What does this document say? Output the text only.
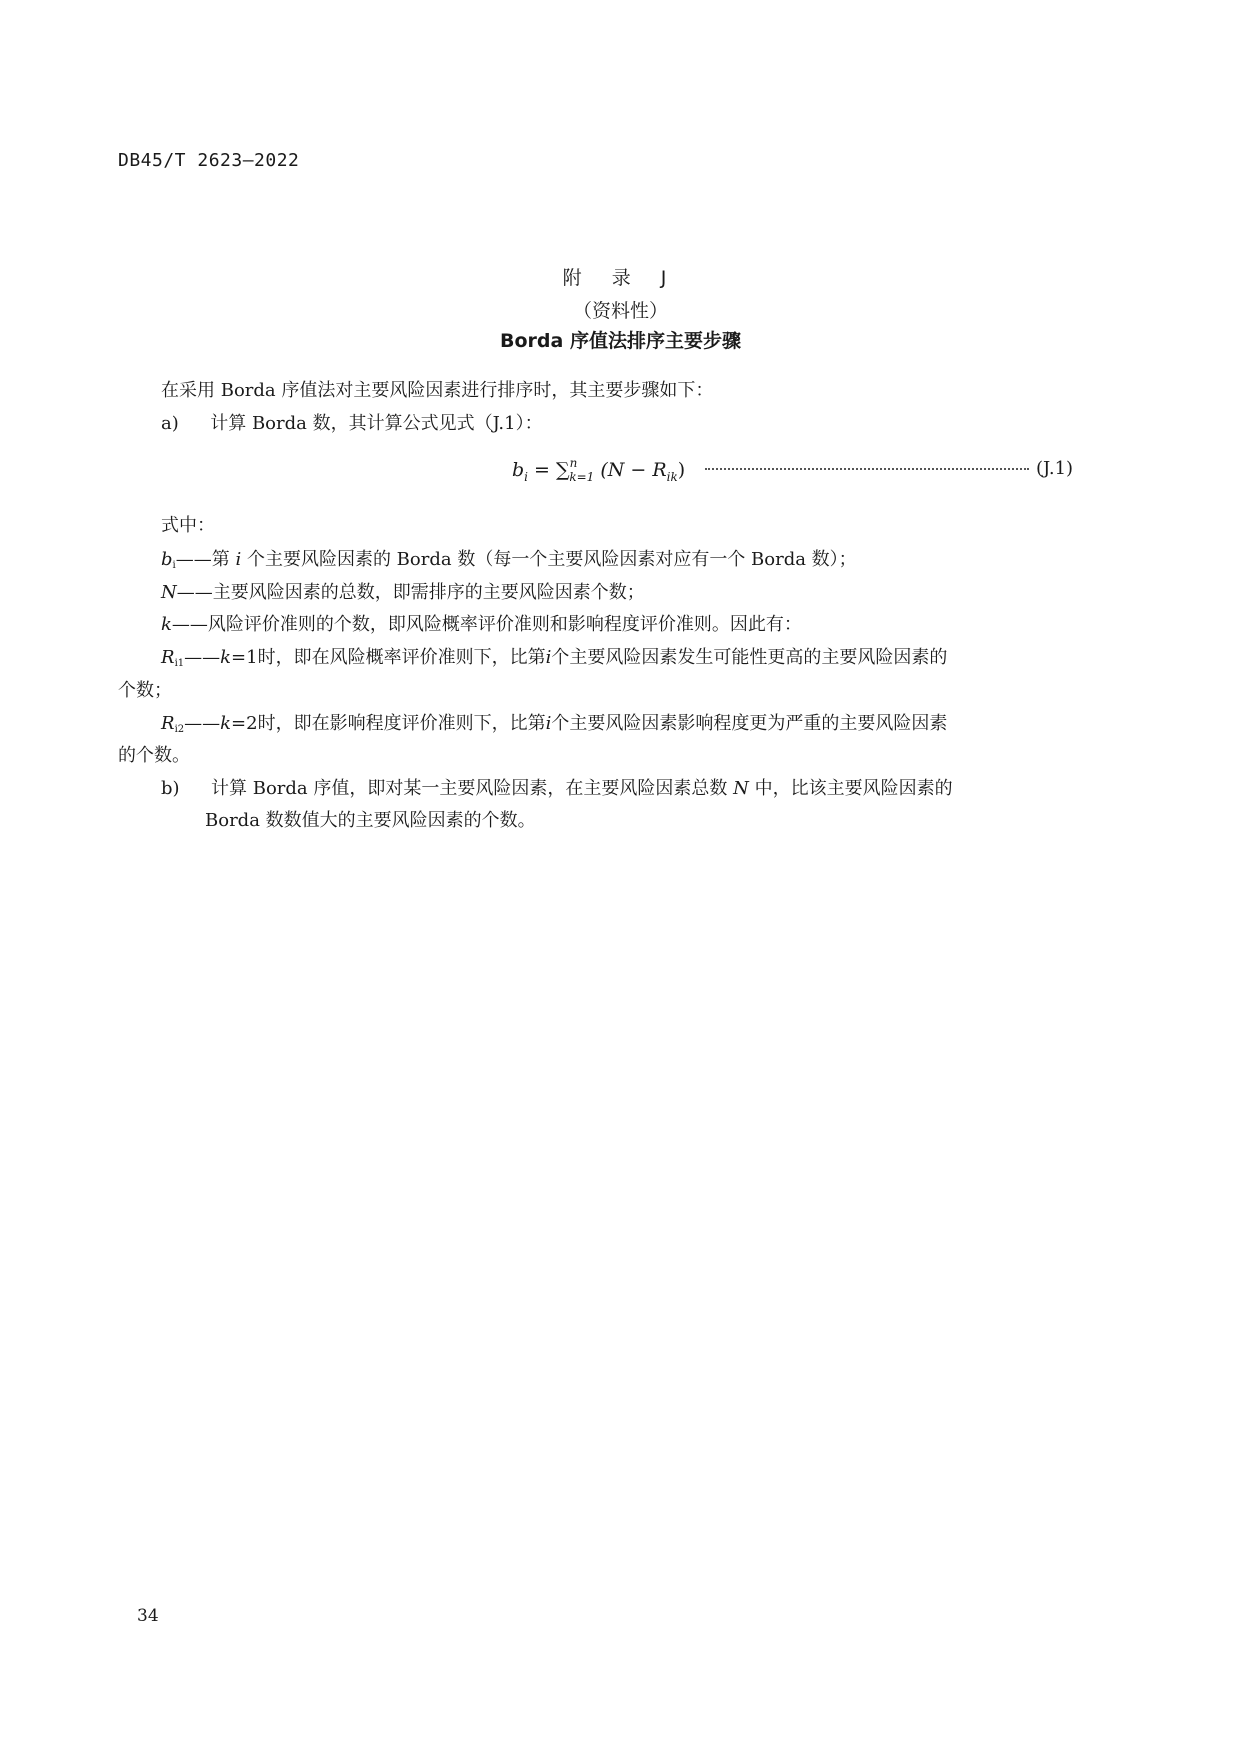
DB45/T 2623—2022
附 录 J
（资料性）
Borda 序值法排序主要步骤
在采用 Borda 序值法对主要风险因素进行排序时，其主要步骤如下：
a) 计算 Borda 数，其计算公式见式（J.1）：
$b_i = \sum^n_{k=1}$ $(N - R_{ik})$	(J.1)
式中：
$b_i——$第 i 个主要风险因素的 Borda 数（每一个主要风险因素对应有一个 Borda 数）；
N——主要风险因素的总数，即需排序的主要风险因素个数；
k——风险评价准则的个数，即风险概率评价准则和影响程度评价准则。因此有：
$R_{i1}——k=1$时，即在风险概率评价准则下，比第i个主要风险因素发生可能性更高的主要风险因素的
个数；
$R_{i2}——k=2$时，即在影响程度评价准则下，比第i个主要风险因素影响程度更为严重的主要风险因素
的个数。
b) 计算 Borda 序值，即对某一主要风险因素，在主要风险因素总数 N 中，比该主要风险因素的
Borda 数数值大的主要风险因素的个数。
34
